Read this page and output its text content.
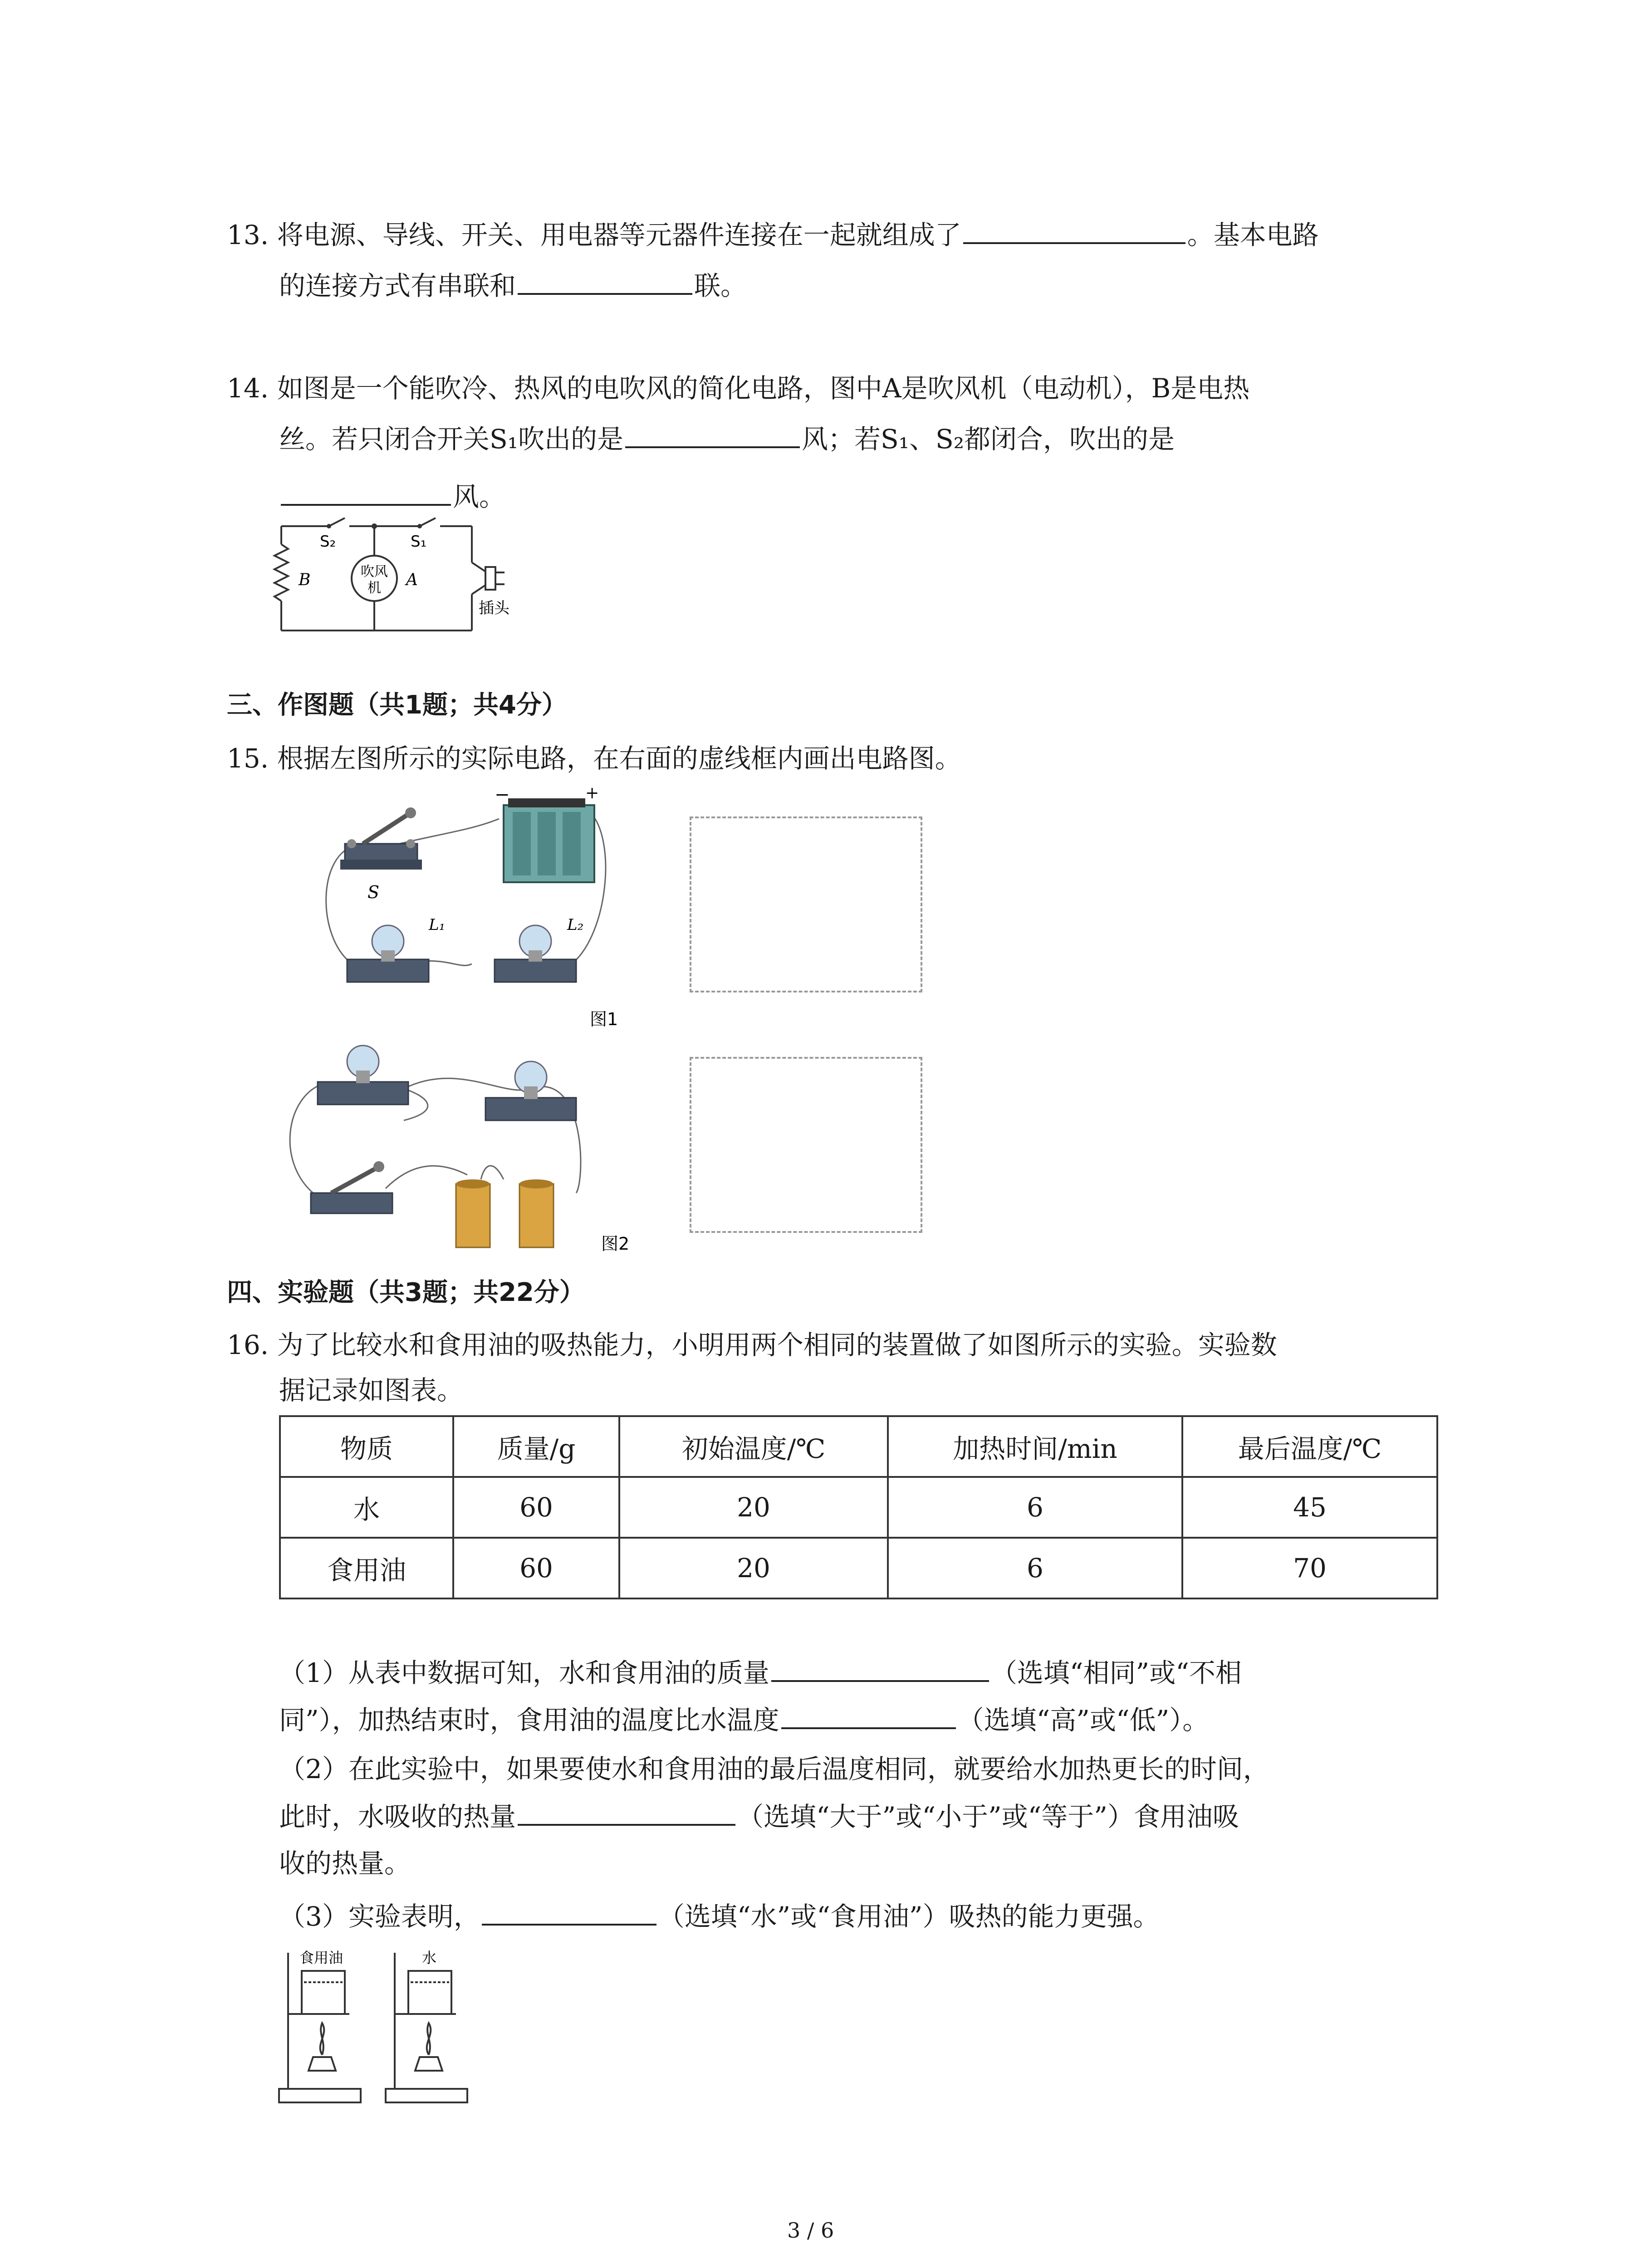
13. 将电源、导线、开关、用电器等元器件连接在一起就组成了	。基本电路
的连接方式有串联和	联。
14. 如图是一个能吹冷、热风的电吹风的简化电路，图中A是吹风机（电动机），B是电热
丝。若只闭合开关S₁吹出的是	风；若S₁、S₂都闭合，吹出的是
风。
S₂	S₁
B	A
吹风
机
插头
三、作图题（共1题；共4分）
15. 根据左图所示的实际电路，在右面的虚线框内画出电路图。
−	+
S
L₁	L₂
图1
图2
四、实验题（共3题；共22分）
16. 为了比较水和食用油的吸热能力，小明用两个相同的装置做了如图所示的实验。实验数
据记录如图表。
物质	质量/g	初始温度/℃	加热时间/min	最后温度/℃
水	60	20	6	45
食用油	60	20	6	70
（1）从表中数据可知，水和食用油的质量	（选填“相同”或“不相
同”），加热结束时，食用油的温度比水温度	（选填“高”或“低”）。
（2）在此实验中，如果要使水和食用油的最后温度相同，就要给水加热更长的时间，
此时，水吸收的热量	（选填“大于”或“小于”或“等于”）食用油吸
收的热量。
（3）实验表明，	（选填“水”或“食用油”）吸热的能力更强。
食用油	水
3 / 6
